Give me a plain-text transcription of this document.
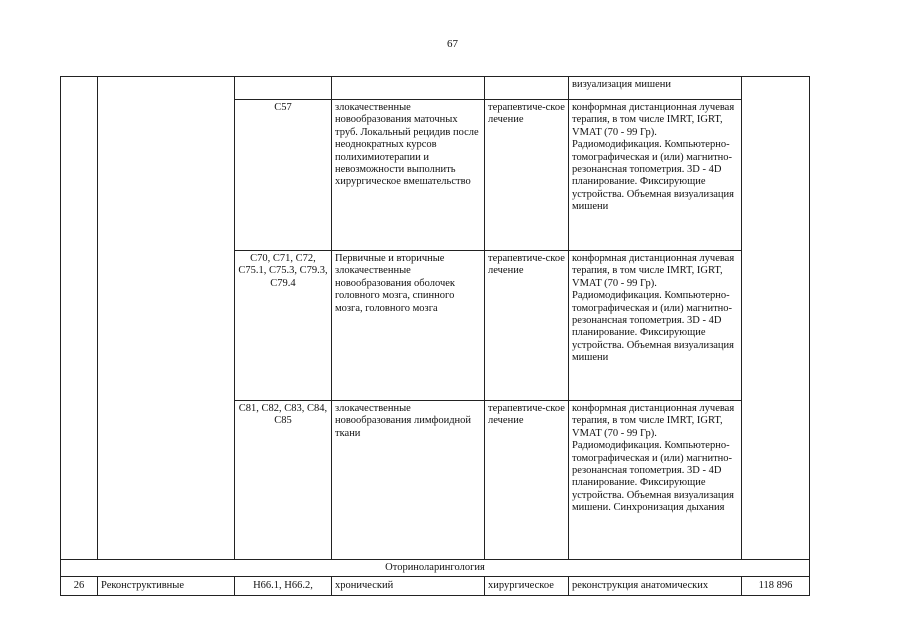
67
					визуализация мишени	
		C57	злокачественные новообразования маточных труб. Локальный рецидив после неоднократных курсов полихимиотерапии и невозможности выполнить хирургическое вмешательство	терапевтиче-ское лечение	конформная дистанционная лучевая терапия, в том числе IMRT, IGRT, VMAT (70 - 99 Гр). Радиомодификация. Компьютерно-томографическая и (или) магнитно-резонансная топометрия. 3D - 4D планирование. Фиксирующие устройства. Объемная визуализация мишени	
		C70, C71, C72, C75.1, C75.3, C79.3, C79.4	Первичные и вторичные злокачественные новообразования оболочек головного мозга, спинного мозга, головного мозга	терапевтиче-ское лечение	конформная дистанционная лучевая терапия, в том числе IMRT, IGRT, VMAT (70 - 99 Гр). Радиомодификация. Компьютерно-томографическая и (или) магнитно-резонансная топометрия. 3D - 4D планирование. Фиксирующие устройства. Объемная визуализация мишени	
		C81, C82, C83, C84, C85	злокачественные новообразования лимфоидной ткани	терапевтиче-ское лечение	конформная дистанционная лучевая терапия, в том числе IMRT, IGRT, VMAT (70 - 99 Гр). Радиомодификация. Компьютерно-томографическая и (или) магнитно-резонансная топометрия. 3D - 4D планирование. Фиксирующие устройства. Объемная визуализация мишени. Синхронизация дыхания	
Оториноларингология						
26	Реконструктивные	H66.1, H66.2,	хронический	хирургическое	реконструкция анатомических	118 896
